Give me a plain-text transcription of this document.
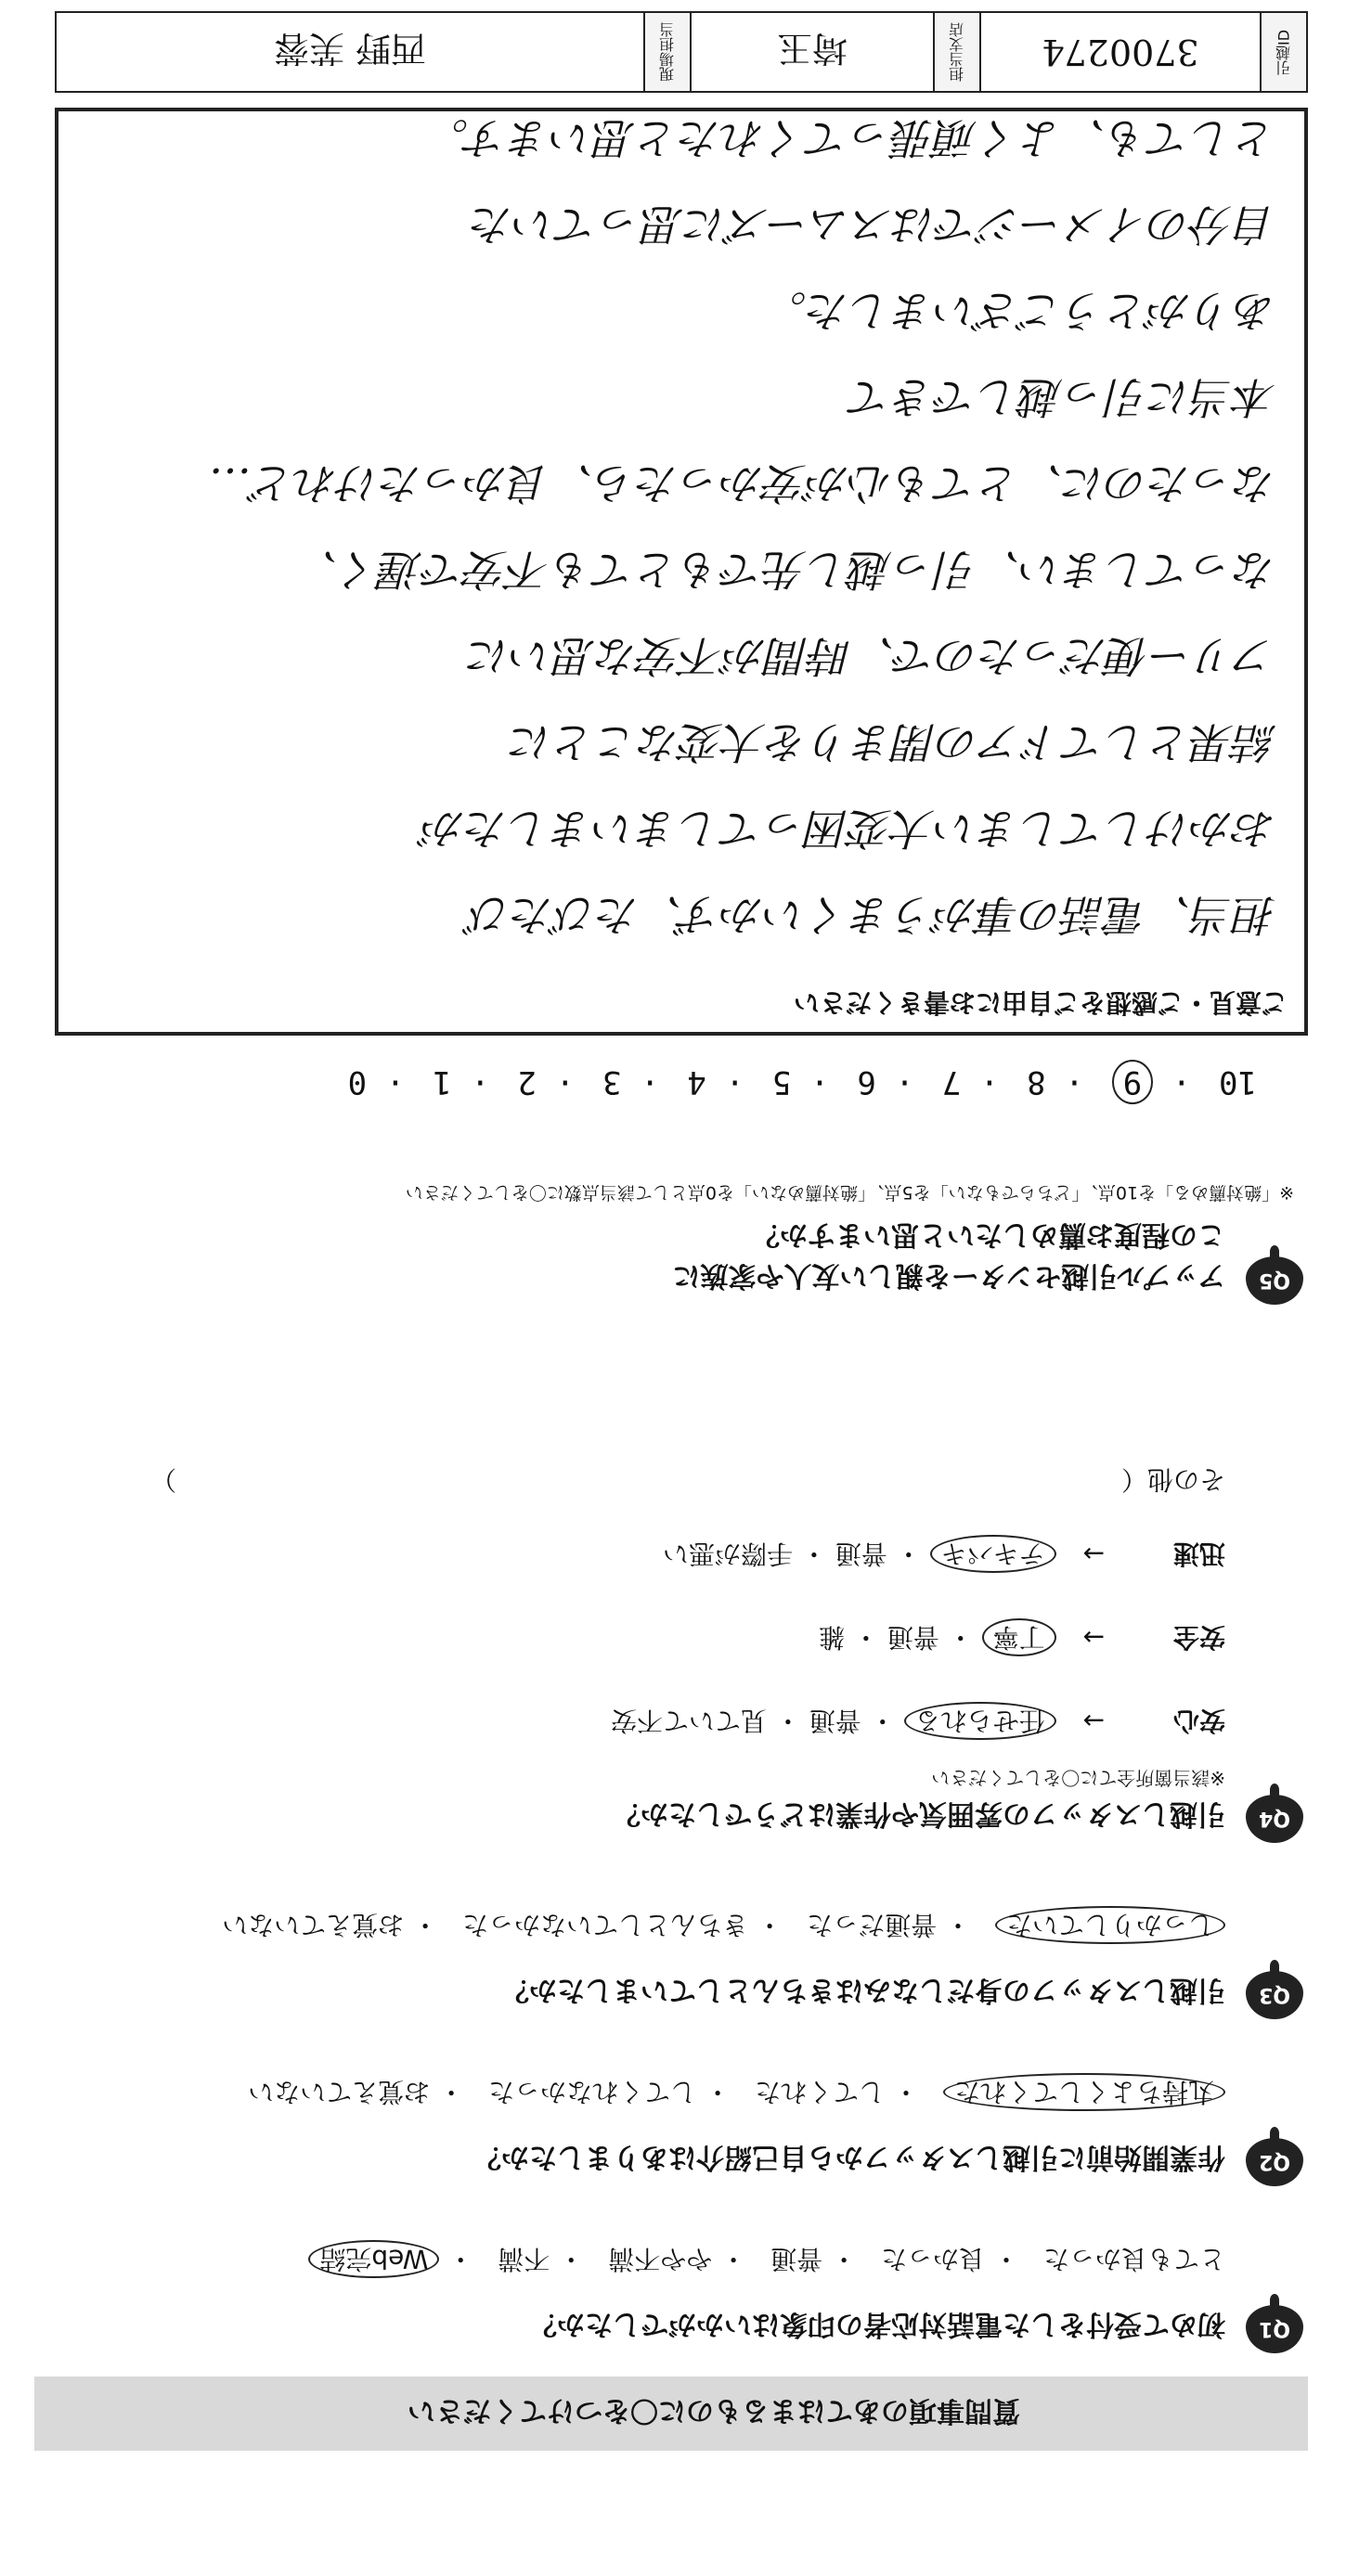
引越ID
3700274
担当支店
埼玉
現場担当
西野 芙蓉
質問事項のあてはまるものに〇をつけてください
Q1
初めて受付をした電話対応者の印象はいかがでしたか？
とても良かった・ 良かった・ 普通・ やや不満・ 不満・ Web完結
Q2
作業開始前に引越しスタッフから自己紹介はありましたか？
丸持ちよくしてくれた・ してくれた・ してくれなかった・ お覚えていない
Q3
引越しスタッフの身だしなみはきちんとしていましたか？
しっかりしていた・ 普通だった・ きちんとしていなかった・ お覚えていない
Q4
引越しスタッフの雰囲気や作業はどうでしたか？
※該当箇所全てに〇をしてください
安心→ 任せられる ・ 普通 ・ 見ていて不安
安全→ 丁寧 ・ 普通 ・ 雑
迅速→ テキパキ ・ 普通 ・ 手際が悪い
その他（  ）
Q5
アップル引越センターを親しい友人や家族に
この程度お薦めしたいと思いますか？
※「絶対薦める」を10点、「どちらでもない」を5点、「絶対薦めない」を0点として該当点数に〇をしてください
10· 9· 8· 7· 6· 5· 4· 3· 2· 1· 0
ご意見・ご感想をご自由にお書きください
担当、電話の事がうまくいかず、たびたび
おかけしてしまい大変困ってしまいましたが
結果としてドアの閉まりを大変なことに
フリー便だったので、時間が不安な思いに
なってしまい、引っ越し先でもとても不安で遅く、
なったのに、とても心が安かったら、良かったけれど…
本当に引っ越しできて
ありがとうございました。
自分のイメージではスムーズに思っていた
としても、よく頑張ってくれたと思います。
